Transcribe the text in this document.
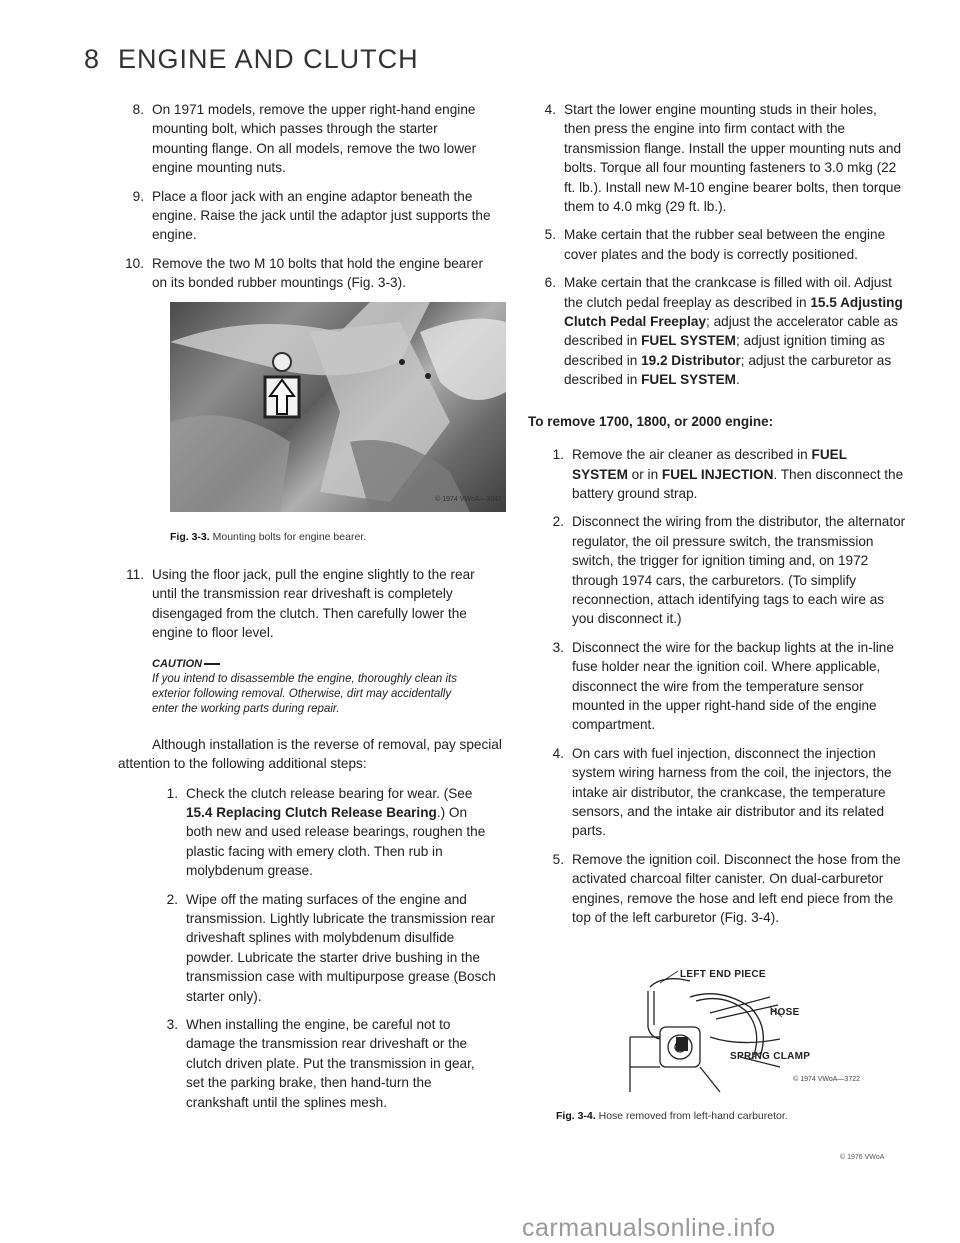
8 ENGINE AND CLUTCH
8. On 1971 models, remove the upper right-hand engine mounting bolt, which passes through the starter mounting flange. On all models, remove the two lower engine mounting nuts.
9. Place a floor jack with an engine adaptor beneath the engine. Raise the jack until the adaptor just supports the engine.
10. Remove the two M 10 bolts that hold the engine bearer on its bonded rubber mountings (Fig. 3-3).
© 1974 VWoA—3647
Fig. 3-3. Mounting bolts for engine bearer.
11. Using the floor jack, pull the engine slightly to the rear until the transmission rear driveshaft is completely disengaged from the clutch. Then carefully lower the engine to floor level.
CAUTION
If you intend to disassemble the engine, thoroughly clean its exterior following removal. Otherwise, dirt may accidentally enter the working parts during repair.
Although installation is the reverse of removal, pay special attention to the following additional steps:
1. Check the clutch release bearing for wear. (See 15.4 Replacing Clutch Release Bearing.) On both new and used release bearings, roughen the plastic facing with emery cloth. Then rub in molybdenum grease.
2. Wipe off the mating surfaces of the engine and transmission. Lightly lubricate the transmission rear driveshaft splines with molybdenum disulfide powder. Lubricate the starter drive bushing in the transmission case with multipurpose grease (Bosch starter only).
3. When installing the engine, be careful not to damage the transmission rear driveshaft or the clutch driven plate. Put the transmission in gear, set the parking brake, then hand-turn the crankshaft until the splines mesh.
4. Start the lower engine mounting studs in their holes, then press the engine into firm contact with the transmission flange. Install the upper mounting nuts and bolts. Torque all four mounting fasteners to 3.0 mkg (22 ft. lb.). Install new M-10 engine bearer bolts, then torque them to 4.0 mkg (29 ft. lb.).
5. Make certain that the rubber seal between the engine cover plates and the body is correctly positioned.
6. Make certain that the crankcase is filled with oil. Adjust the clutch pedal freeplay as described in 15.5 Adjusting Clutch Pedal Freeplay; adjust the accelerator cable as described in FUEL SYSTEM; adjust ignition timing as described in 19.2 Distributor; adjust the carburetor as described in FUEL SYSTEM.
To remove 1700, 1800, or 2000 engine:
1. Remove the air cleaner as described in FUEL SYSTEM or in FUEL INJECTION. Then disconnect the battery ground strap.
2. Disconnect the wiring from the distributor, the alternator regulator, the oil pressure switch, the transmission switch, the trigger for ignition timing and, on 1972 through 1974 cars, the carburetors. (To simplify reconnection, attach identifying tags to each wire as you disconnect it.)
3. Disconnect the wire for the backup lights at the in-line fuse holder near the ignition coil. Where applicable, disconnect the wire from the temperature sensor mounted in the upper right-hand side of the engine compartment.
4. On cars with fuel injection, disconnect the injection system wiring harness from the coil, the injectors, the intake air distributor, the crankcase, the temperature sensors, and the intake air distributor and its related parts.
5. Remove the ignition coil. Disconnect the hose from the activated charcoal filter canister. On dual-carburetor engines, remove the hose and left end piece from the top of the left carburetor (Fig. 3-4).
LEFT END PIECE
HOSE
SPRING CLAMP
© 1974 VWoA—3722
Fig. 3-4. Hose removed from left-hand carburetor.
© 1976 VWoA
carmanualsonline.info
